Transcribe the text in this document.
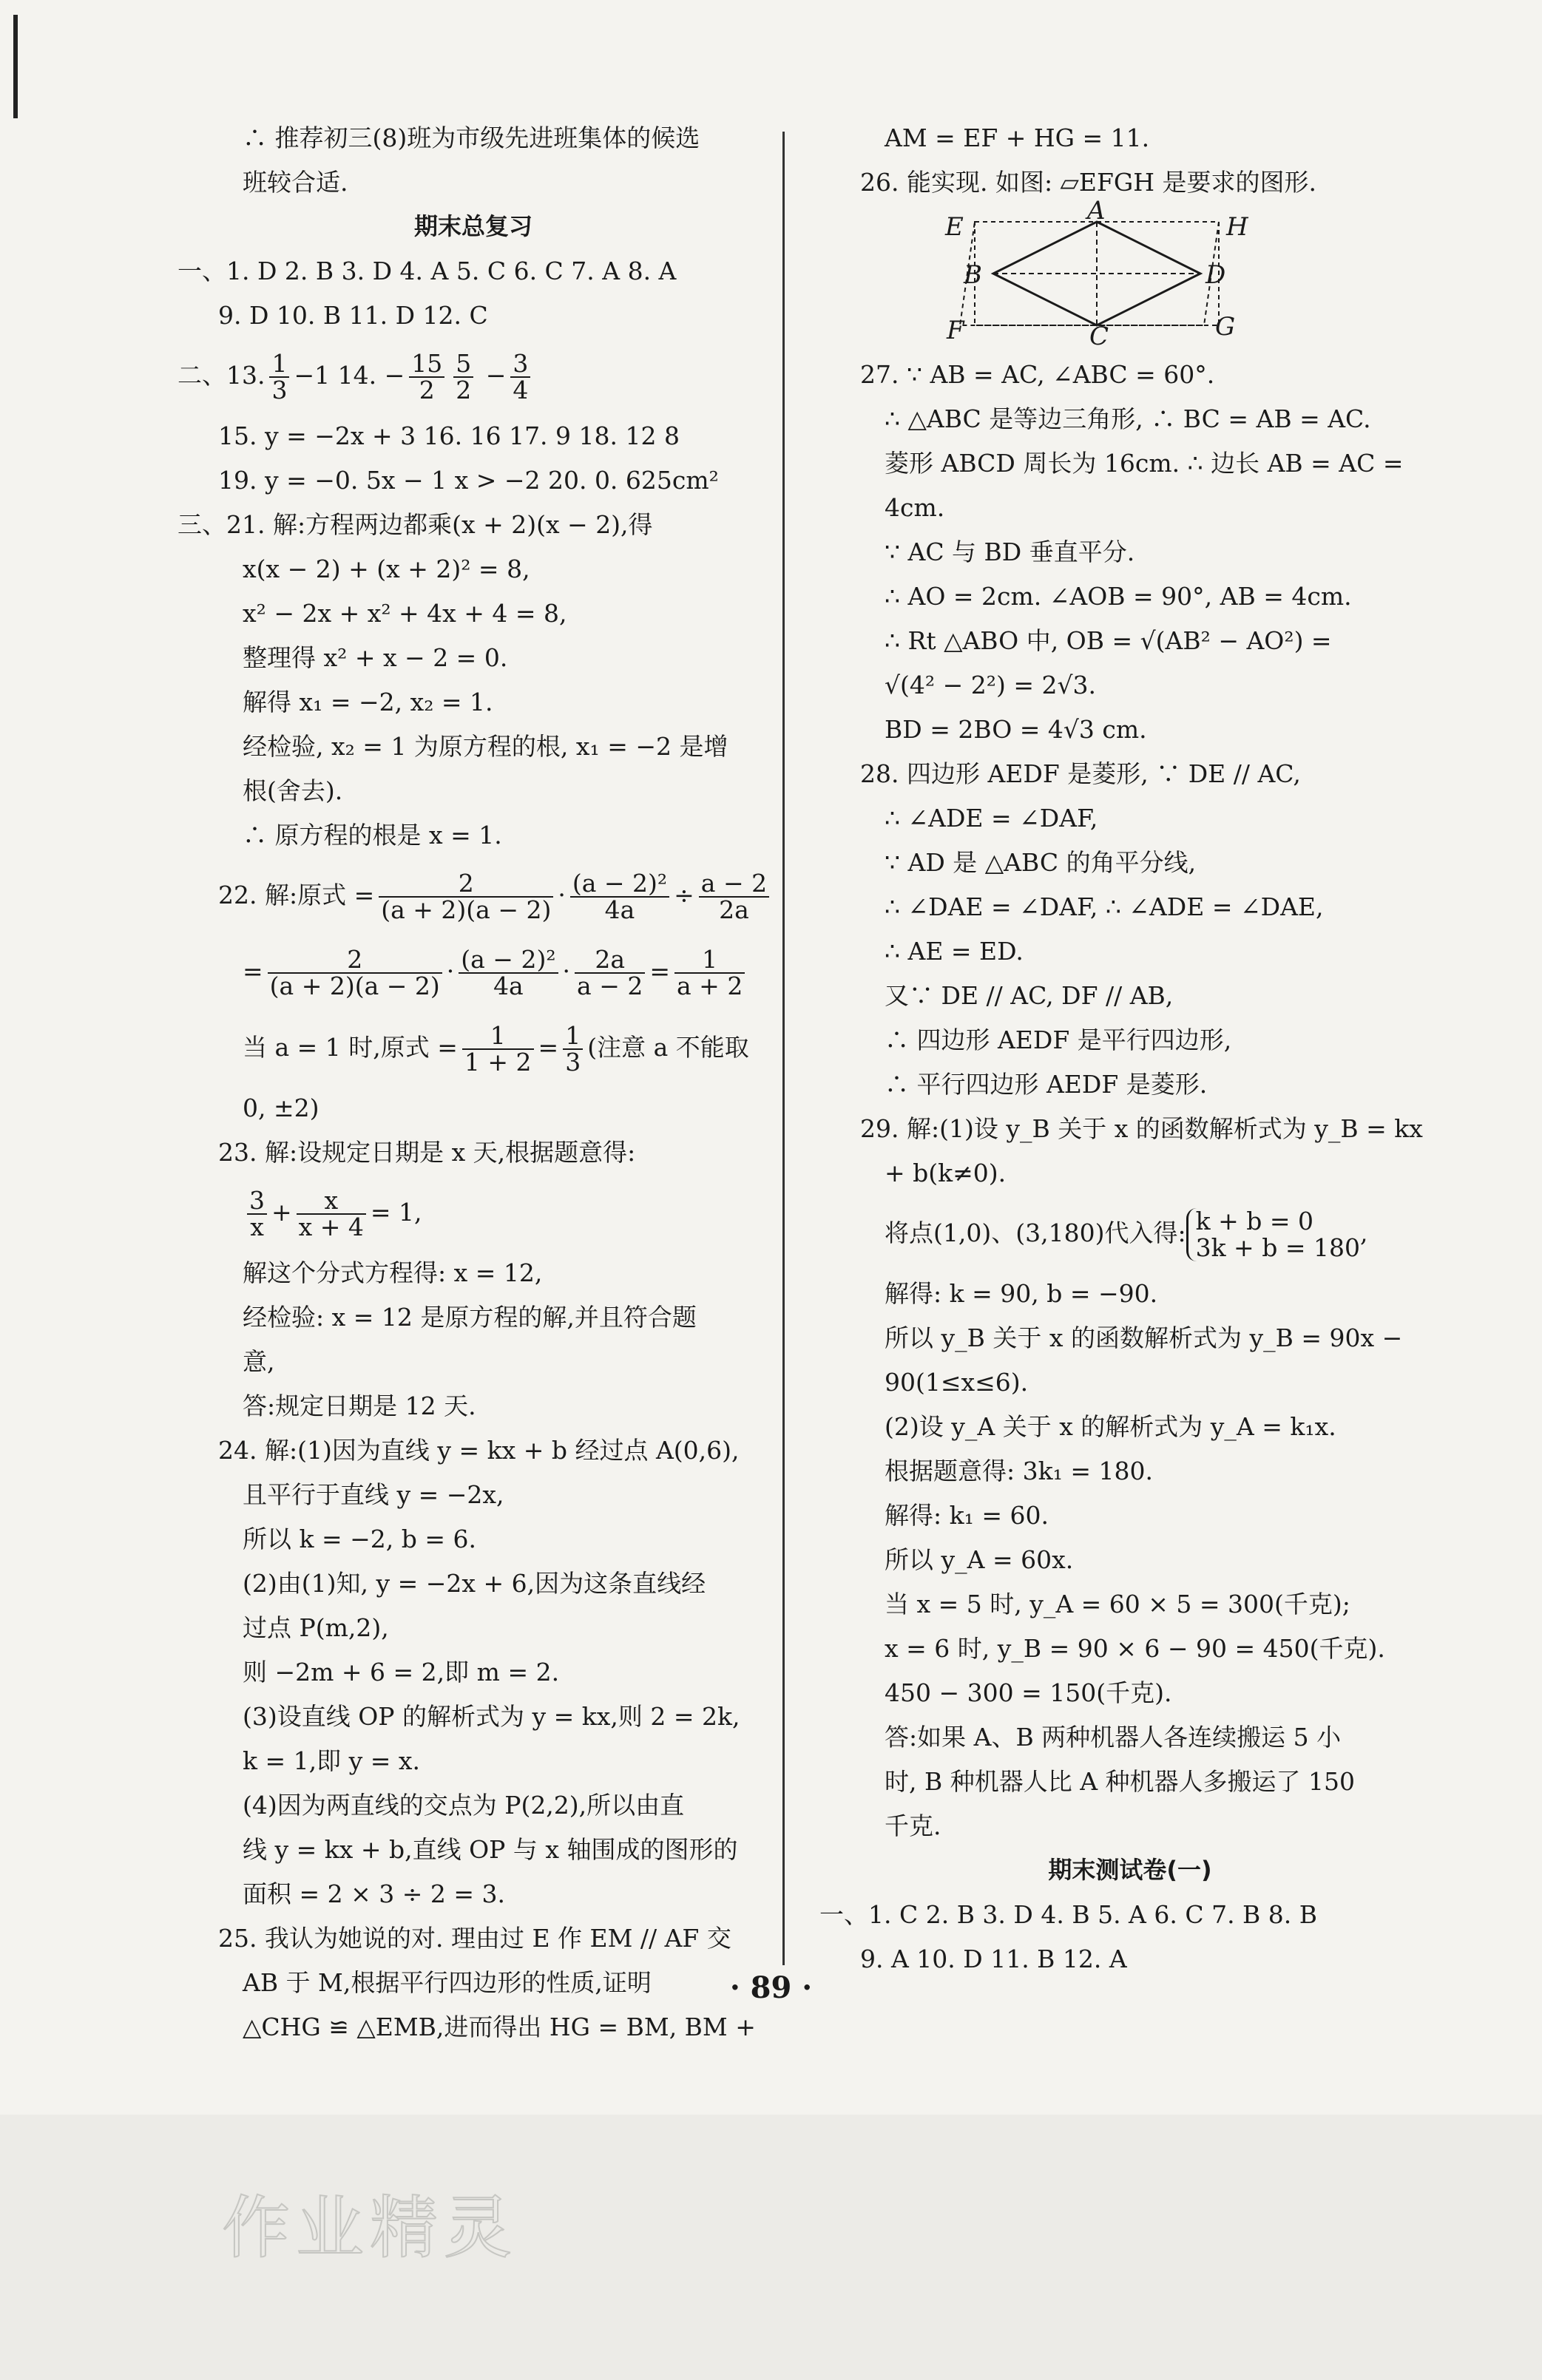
∴ 推荐初三(8)班为市级先进班集体的候选
班较合适.
期末总复习
一、1. D 2. B 3. D 4. A 5. C 6. C 7. A 8. A
9. D 10. B 11. D 12. C
二、13. $\frac{1}{3} -1$ 14. − $\frac{15}{2} \frac{5}{2} - \frac{3}{4}$
15. y = −2x + 3 16. 16 17. 9 18. 12 8
19. y = −0. 5x − 1 x > −2 20. 0. 625cm²
三、21. 解:方程两边都乘(x + 2)(x − 2),得
x(x − 2) + (x + 2)² = 8,
x² − 2x + x² + 4x + 4 = 8,
整理得 x² + x − 2 = 0.
解得 x₁ = −2, x₂ = 1.
经检验, x₂ = 1 为原方程的根, x₁ = −2 是增
根(舍去).
∴ 原方程的根是 x = 1.
22. 解:原式 = $\frac{2}{(a + 2)(a - 2)} \cdot \frac{\text{(a − 2)²}}{4a} \div \frac{a - 2}{2a}$
= $\frac{2}{(a + 2)(a - 2)} \cdot \frac{\text{(a − 2)²}}{4a} \cdot \frac{2a}{a - 2} = \frac{1}{a + 2}$
当 a = 1 时,原式 = $\frac{1}{1 + 2} = \frac{1}{3}$ (注意 a 不能取
0, ±2)
23. 解:设规定日期是 x 天,根据题意得:
$\frac{3}{x} + \frac{x}{x + 4} = 1$,
解这个分式方程得: x = 12,
经检验: x = 12 是原方程的解,并且符合题
意,
答:规定日期是 12 天.
24. 解:(1)因为直线 y = kx + b 经过点 A(0,6),
且平行于直线 y = −2x,
所以 k = −2, b = 6.
(2)由(1)知, y = −2x + 6,因为这条直线经
过点 P(m,2),
则 −2m + 6 = 2,即 m = 2.
(3)设直线 OP 的解析式为 y = kx,则 2 = 2k,
k = 1,即 y = x.
(4)因为两直线的交点为 P(2,2),所以由直
线 y = kx + b,直线 OP 与 x 轴围成的图形的
面积 = 2 × 3 ÷ 2 = 3.
25. 我认为她说的对. 理由过 E 作 EM // AF 交
AB 于 M,根据平行四边形的性质,证明
△CHG ≌ △EMB,进而得出 HG = BM, BM +
AM = EF + HG = 11.
26. 能实现. 如图: ▱EFGH 是要求的图形.
E
A
H
B	D
F	C	G
27. ∵ AB = AC, ∠ABC = 60°.
∴ △ABC 是等边三角形, ∴ BC = AB = AC.
菱形 ABCD 周长为 16cm. ∴ 边长 AB = AC =
4cm.
∵ AC 与 BD 垂直平分.
∴ AO = 2cm. ∠AOB = 90°, AB = 4cm.
∴ Rt △ABO 中, OB = √(AB² − AO²) =
√(4² − 2²) = 2√3.
BD = 2BO = 4√3 cm.
28. 四边形 AEDF 是菱形, ∵ DE // AC,
∴ ∠ADE = ∠DAF,
∵ AD 是 △ABC 的角平分线,
∴ ∠DAE = ∠DAF, ∴ ∠ADE = ∠DAE,
∴ AE = ED.
又∵ DE // AC, DF // AB,
∴ 四边形 AEDF 是平行四边形,
∴ 平行四边形 AEDF 是菱形.
29. 解:(1)设 y_B 关于 x 的函数解析式为 y_B = kx
+ b(k≠0).
将点(1,0)、(3,180)代入得: k + b = 0
3k + b = 180
,
解得: k = 90, b = −90.
所以 y_B 关于 x 的函数解析式为 y_B = 90x −
90(1≤x≤6).
(2)设 y_A 关于 x 的解析式为 y_A = k₁x.
根据题意得: 3k₁ = 180.
解得: k₁ = 60.
所以 y_A = 60x.
当 x = 5 时, y_A = 60 × 5 = 300(千克);
x = 6 时, y_B = 90 × 6 − 90 = 450(千克).
450 − 300 = 150(千克).
答:如果 A、B 两种机器人各连续搬运 5 小
时, B 种机器人比 A 种机器人多搬运了 150
千克.
期末测试卷(一)
一、1. C 2. B 3. D 4. B 5. A 6. C 7. B 8. B
9. A 10. D 11. B 12. A
· 89 ·
作业精灵
